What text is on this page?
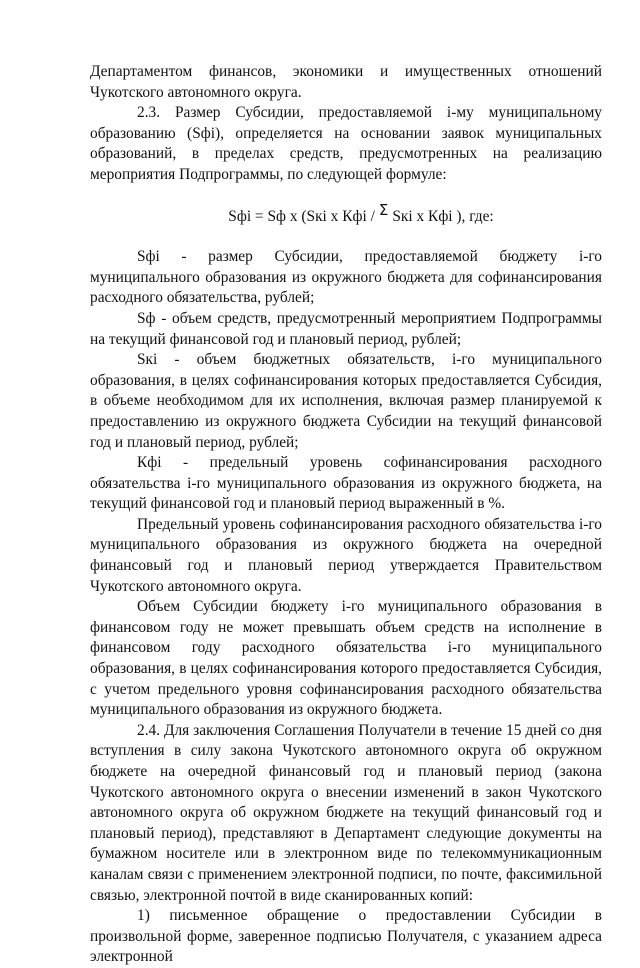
Департаментом финансов, экономики и имущественных отношений Чукотского автономного округа.

2.3. Размер Субсидии, предоставляемой i-му муниципальному образованию (Sфi), определяется на основании заявок муниципальных образований, в пределах средств, предусмотренных на реализацию мероприятия Подпрограммы, по следующей формуле:

Sфi = Sф x (Sкi x Кфi / Σ Sкi x Кфi ), где:

Sфi - размер Субсидии, предоставляемой бюджету i-го муниципального образования из окружного бюджета для софинансирования расходного обязательства, рублей;

Sф - объем средств, предусмотренный мероприятием Подпрограммы на текущий финансовой год и плановый период, рублей;

Sкi - объем бюджетных обязательств, i-го муниципального образования, в целях софинансирования которых предоставляется Субсидия, в объеме необходимом для их исполнения, включая размер планируемой к предоставлению из окружного бюджета Субсидии на текущий финансовой год и плановый период, рублей;

Кфi - предельный уровень софинансирования расходного обязательства i-го муниципального образования из окружного бюджета, на текущий финансовой год и плановый период выраженный в %.

Предельный уровень софинансирования расходного обязательства i-го муниципального образования из окружного бюджета на очередной финансовый год и плановый период утверждается Правительством Чукотского автономного округа.

Объем Субсидии бюджету i-го муниципального образования в финансовом году не может превышать объем средств на исполнение в финансовом году расходного обязательства i-го муниципального образования, в целях софинансирования которого предоставляется Субсидия, с учетом предельного уровня софинансирования расходного обязательства муниципального образования из окружного бюджета.

2.4. Для заключения Соглашения Получатели в течение 15 дней со дня вступления в силу закона Чукотского автономного округа об окружном бюджете на очередной финансовый год и плановый период (закона Чукотского автономного округа о внесении изменений в закон Чукотского автономного округа об окружном бюджете на текущий финансовый год и плановый период), представляют в Департамент следующие документы на бумажном носителе или в электронном виде по телекоммуникационным каналам связи с применением электронной подписи, по почте, факсимильной связью, электронной почтой в виде сканированных копий:

1) письменное обращение о предоставлении Субсидии в произвольной форме, заверенное подписью Получателя, с указанием адреса электронной
